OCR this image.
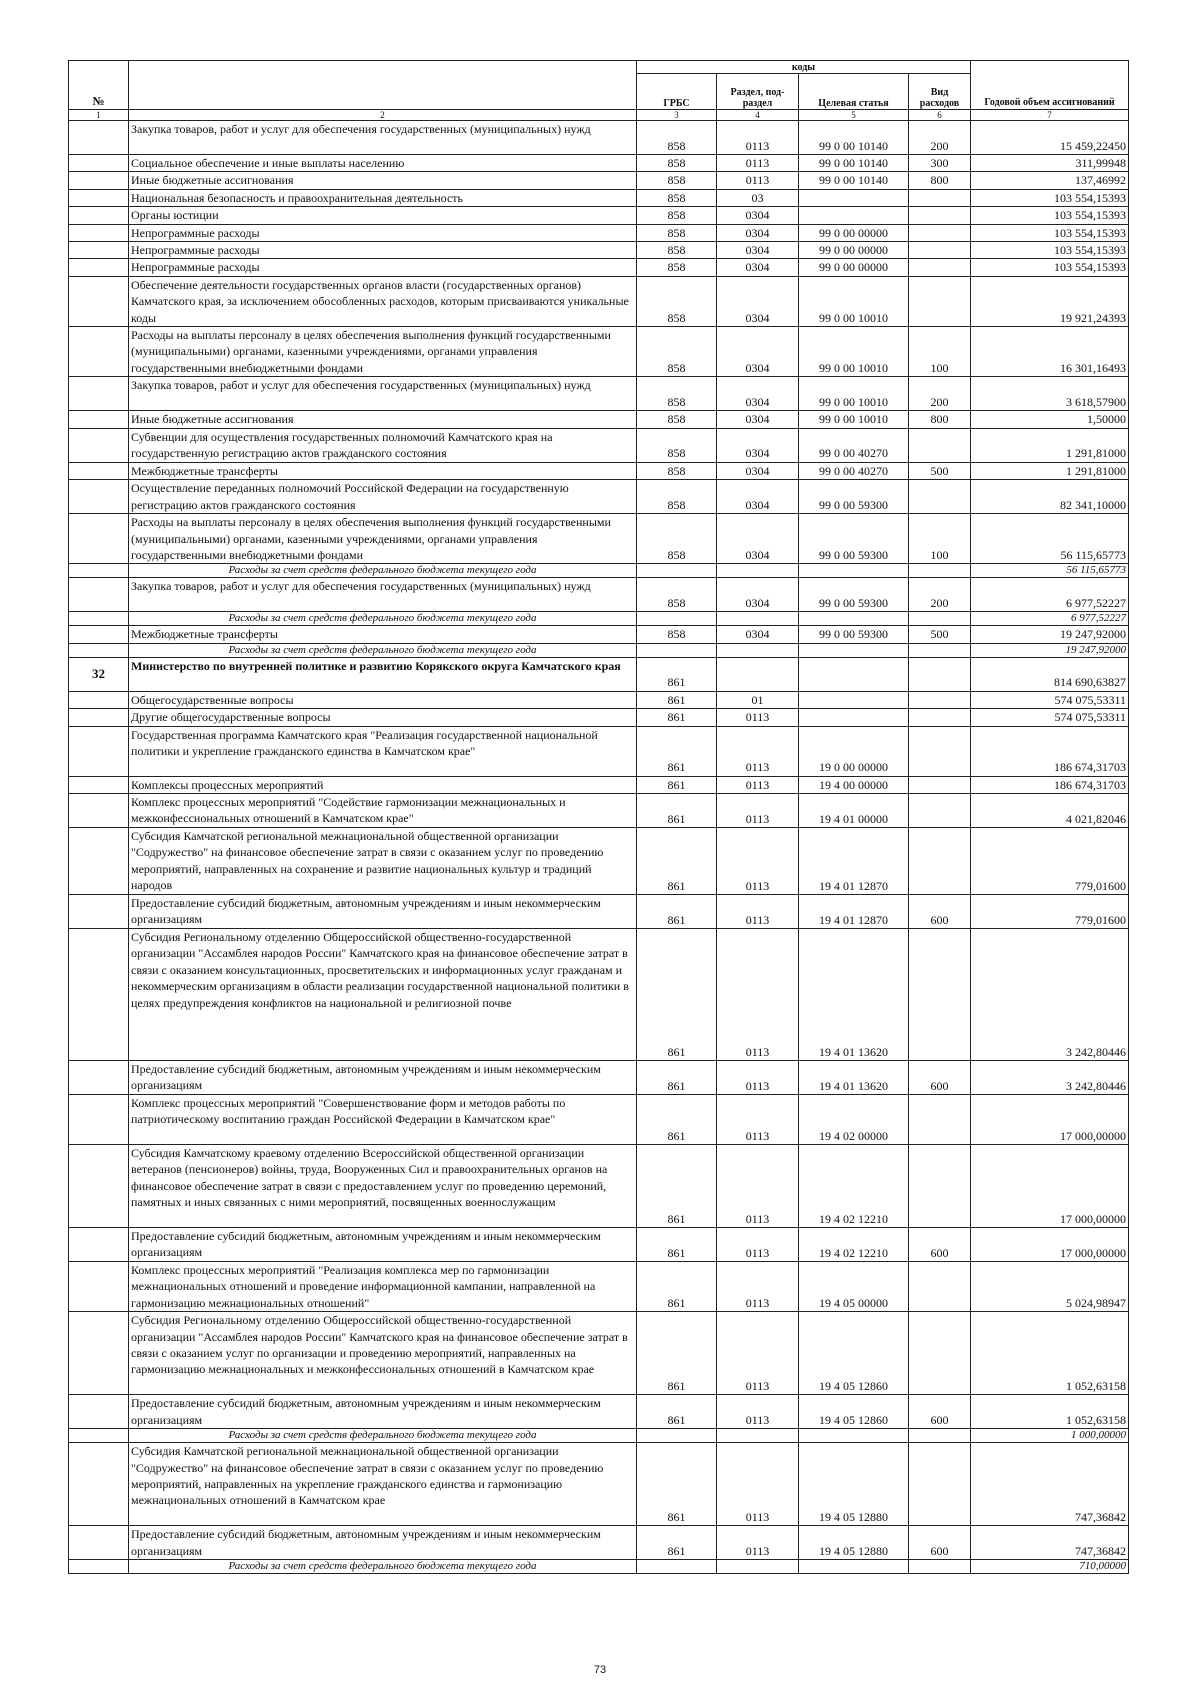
№		коды				Годовой объем ассигнований
		ГРБС	Раздел, под-раздел	Целевая статья	Вид расходов	
1	2	3	4	5	6	7
	Закупка товаров, работ и услуг для обеспечения государственных (муниципальных) нужд	858	0113	99 0 00 10140	200	15 459,22450
	Социальное обеспечение и иные выплаты населению	858	0113	99 0 00 10140	300	311,99948
	Иные бюджетные ассигнования	858	0113	99 0 00 10140	800	137,46992
	Национальная безопасность и правоохранительная деятельность	858	03			103 554,15393
	Органы юстиции	858	0304			103 554,15393
	Непрограммные расходы	858	0304	99 0 00 00000		103 554,15393
	Непрограммные расходы	858	0304	99 0 00 00000		103 554,15393
	Непрограммные расходы	858	0304	99 0 00 00000		103 554,15393
	Обеспечение деятельности государственных органов власти (государственных органов) Камчатского края, за исключением обособленных расходов, которым присваиваются уникальные коды	858	0304	99 0 00 10010		19 921,24393
	Расходы на выплаты персоналу в целях обеспечения выполнения функций государственными (муниципальными) органами, казенными учреждениями, органами управления государственными внебюджетными фондами	858	0304	99 0 00 10010	100	16 301,16493
	Закупка товаров, работ и услуг для обеспечения государственных (муниципальных) нужд	858	0304	99 0 00 10010	200	3 618,57900
	Иные бюджетные ассигнования	858	0304	99 0 00 10010	800	1,50000
	Субвенции для осуществления государственных полномочий Камчатского края на государственную регистрацию актов гражданского состояния	858	0304	99 0 00 40270		1 291,81000
	Межбюджетные трансферты	858	0304	99 0 00 40270	500	1 291,81000
	Осуществление переданных полномочий Российской Федерации на государственную регистрацию актов гражданского состояния	858	0304	99 0 00 59300		82 341,10000
	Расходы на выплаты персоналу в целях обеспечения выполнения функций государственными (муниципальными) органами, казенными учреждениями, органами управления государственными внебюджетными фондами	858	0304	99 0 00 59300	100	56 115,65773
	Расходы за счет средств федерального бюджета текущего года					56 115,65773
	Закупка товаров, работ и услуг для обеспечения государственных (муниципальных) нужд	858	0304	99 0 00 59300	200	6 977,52227
	Расходы за счет средств федерального бюджета текущего года					6 977,52227
	Межбюджетные трансферты	858	0304	99 0 00 59300	500	19 247,92000
	Расходы за счет средств федерального бюджета текущего года					19 247,92000
32	Министерство по внутренней политике и развитию Корякского округа Камчатского края	861				814 690,63827
	Общегосударственные вопросы	861	01			574 075,53311
	Другие общегосударственные вопросы	861	0113			574 075,53311
	Государственная программа Камчатского края "Реализация государственной национальной политики и укрепление гражданского единства в Камчатском крае"	861	0113	19 0 00 00000		186 674,31703
	Комплексы процессных мероприятий	861	0113	19 4 00 00000		186 674,31703
	Комплекс процессных мероприятий "Содействие гармонизации межнациональных и межконфессиональных отношений в Камчатском крае"	861	0113	19 4 01 00000		4 021,82046
	Субсидия Камчатской региональной межнациональной общественной организации "Содружество" на финансовое обеспечение затрат в связи с оказанием услуг по проведению мероприятий, направленных на сохранение и развитие национальных культур и традиций народов	861	0113	19 4 01 12870		779,01600
	Предоставление субсидий бюджетным, автономным учреждениям и иным некоммерческим организациям	861	0113	19 4 01 12870	600	779,01600
	Субсидия Региональному отделению Общероссийской общественно-государственной организации "Ассамблея народов России" Камчатского края на финансовое обеспечение затрат в связи с оказанием консультационных, просветительских и информационных услуг гражданам и некоммерческим организациям в области реализации государственной национальной политики в целях предупреждения конфликтов на национальной и религиозной почве	861	0113	19 4 01 13620		3 242,80446
	Предоставление субсидий бюджетным, автономным учреждениям и иным некоммерческим организациям	861	0113	19 4 01 13620	600	3 242,80446
	Комплекс процессных мероприятий "Совершенствование форм и методов работы по патриотическому воспитанию граждан Российской Федерации в Камчатском крае"	861	0113	19 4 02 00000		17 000,00000
	Субсидия Камчатскому краевому отделению Всероссийской общественной организации ветеранов (пенсионеров) войны, труда, Вооруженных Сил и правоохранительных органов на финансовое обеспечение затрат в связи с предоставлением услуг по проведению церемоний, памятных и иных связанных с ними мероприятий, посвященных военнослужащим	861	0113	19 4 02 12210		17 000,00000
	Предоставление субсидий бюджетным, автономным учреждениям и иным некоммерческим организациям	861	0113	19 4 02 12210	600	17 000,00000
	Комплекс процессных мероприятий "Реализация комплекса мер по гармонизации межнациональных отношений и проведение информационной кампании, направленной на гармонизацию межнациональных отношений"	861	0113	19 4 05 00000		5 024,98947
	Субсидия Региональному отделению Общероссийской общественно-государственной организации "Ассамблея народов России" Камчатского края на финансовое обеспечение затрат в связи с оказанием услуг по организации и проведению мероприятий, направленных на гармонизацию межнациональных и межконфессиональных отношений в Камчатском крае	861	0113	19 4 05 12860		1 052,63158
	Предоставление субсидий бюджетным, автономным учреждениям и иным некоммерческим организациям	861	0113	19 4 05 12860	600	1 052,63158
	Расходы за счет средств федерального бюджета текущего года					1 000,00000
	Субсидия Камчатской региональной межнациональной общественной организации "Содружество" на финансовое обеспечение затрат в связи с оказанием услуг по проведению мероприятий, направленных на укрепление гражданского единства и гармонизацию межнациональных отношений в Камчатском крае	861	0113	19 4 05 12880		747,36842
	Предоставление субсидий бюджетным, автономным учреждениям и иным некоммерческим организациям	861	0113	19 4 05 12880	600	747,36842
	Расходы за счет средств федерального бюджета текущего года					710,00000
73
